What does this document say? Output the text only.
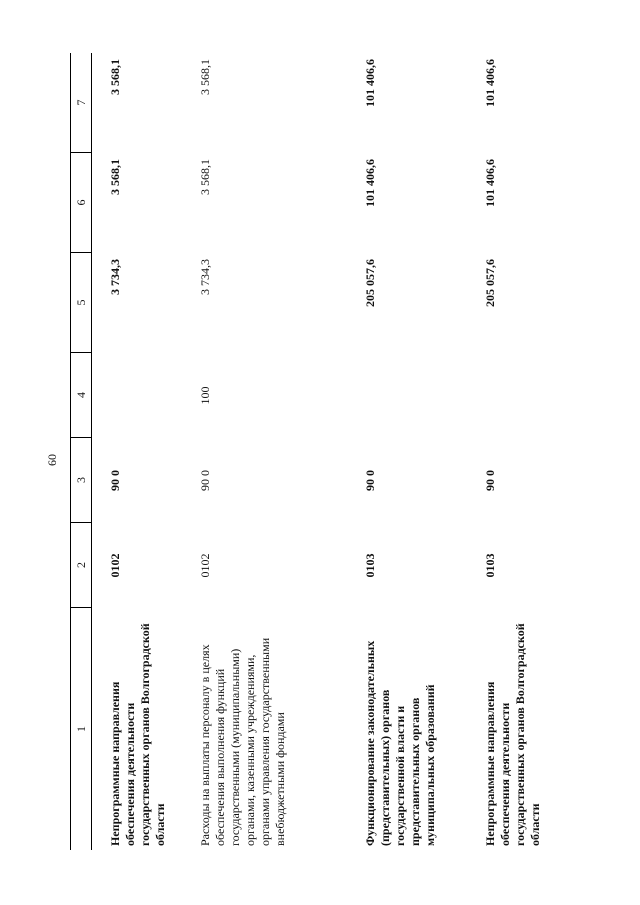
60
1
2
3
4
5
6
7
Непрограммные направления обеспечения деятельности государственных органов Волгоградской области
0102
90 0
3 734,3
3 568,1
3 568,1
Расходы на выплаты персоналу в целях обеспечения выполнения функций государственными (муниципальными) органами, казенными учреждениями, органами управления государственными внебюджетными фондами
0102
90 0
100
3 734,3
3 568,1
3 568,1
Функционирование законодательных (представительных) органов государственной власти и представительных органов муниципальных образований
0103
90 0
205 057,6
101 406,6
101 406,6
Непрограммные направления обеспечения деятельности государственных органов Волгоградской области
0103
90 0
205 057,6
101 406,6
101 406,6
